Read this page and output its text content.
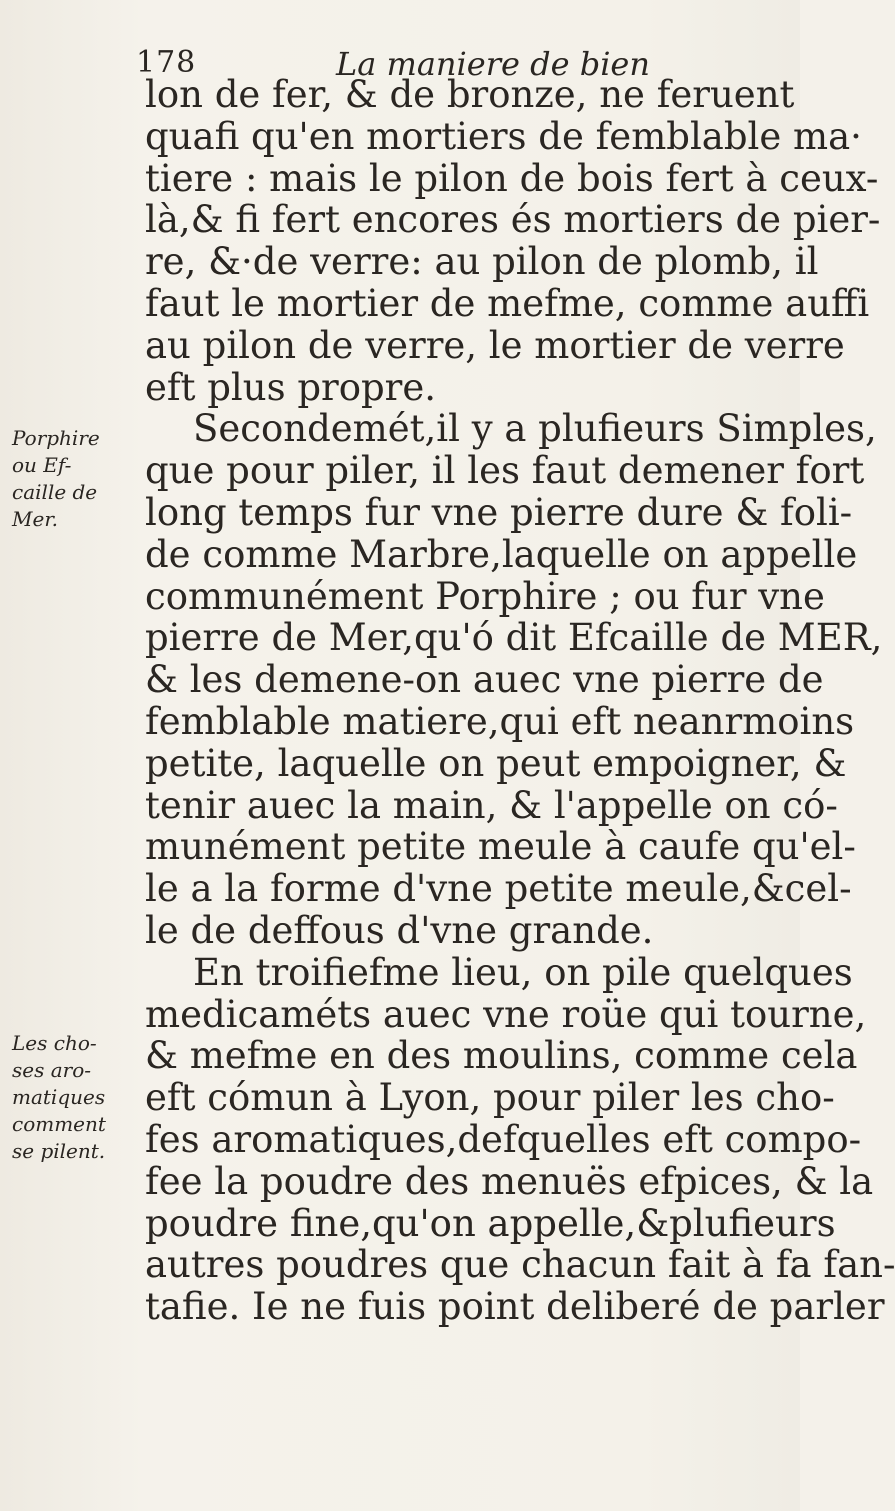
178	La maniere de bien
lon de fer, & de bronze, ne feruent
quafi qu'en mortiers de femblable ma·
tiere : mais le pilon de bois fert à ceux-
là,& fi fert encores és mortiers de pier-
re, &·de verre: au pilon de plomb, il
faut le mortier de mefme, comme auffi
au pilon de verre, le mortier de verre
eft plus propre.
Secondemét,il y a plufieurs Simples,
que pour piler, il les faut demener fort
long temps fur vne pierre dure & foli-
de comme Marbre,laquelle on appelle
communément Porphire ; ou fur vne
pierre de Mer,qu'ó dit Efcaille de MER,
& les demene-on auec vne pierre de
femblable matiere,qui eft neanrmoins
petite, laquelle on peut empoigner, &
tenir auec la main, & l'appelle on có-
munément petite meule à caufe qu'el-
le a la forme d'vne petite meule,&cel-
le de deffous d'vne grande.
En troifiefme lieu, on pile quelques
medicaméts auec vne roüe qui tourne,
& mefme en des moulins, comme cela
eft cómun à Lyon, pour piler les cho-
fes aromatiques,defquelles eft compo-
fee la poudre des menuës efpices, & la
poudre fine,qu'on appelle,&plufieurs
autres poudres que chacun fait à fa fan-
tafie. Ie ne fuis point deliberé de parler
Porphire
ou Ef-
caille de
Mer.
Les cho-
ses aro-
matiques
comment
se pilent.
